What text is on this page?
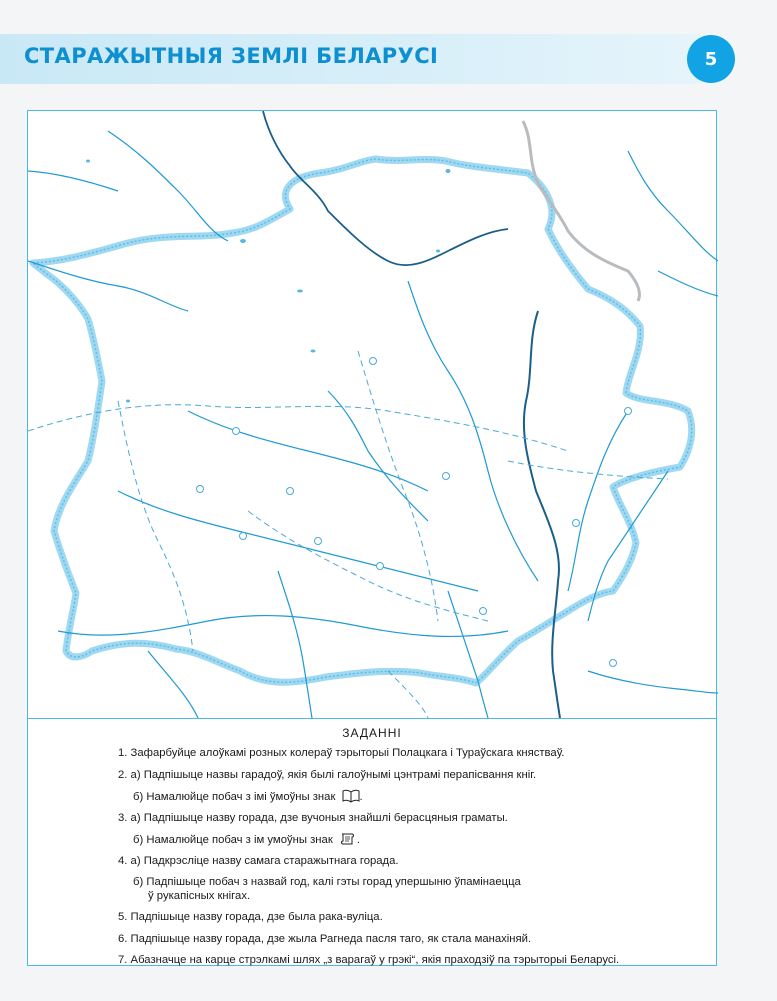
СТАРАЖЫТНЫЯ ЗЕМЛІ БЕЛАРУСІ	5
ЗАДАННІ
1. Зафарбуйце алоўкамі розных колераў тэрыторыі Полацкага і Тураўскага княстваў.
2. а) Падпішыце назвы гарадоў, якія былі галоўнымі цэнтрамі перапісвання кніг.
б) Намалюйце побач з імі ўмоўны знак .
3. а) Падпішыце назву горада, дзе вучоныя знайшлі берасцяныя граматы.
б) Намалюйце побач з ім умоўны знак .
4. а) Падкрэсліце назву самага старажытнага горада.
б) Падпішыце побач з назвай год, калі гэты горад упершыню ўпамінаецца
ў рукапісных кнігах.
5. Падпішыце назву горада, дзе была рака-вуліца.
6. Падпішыце назву горада, дзе жыла Рагнеда пасля таго, як стала манахіняй.
7. Абазначце на карце стрэлкамі шлях „з варагаў у грэкі“, якія праходзіў па тэрыторыі Беларусі.
